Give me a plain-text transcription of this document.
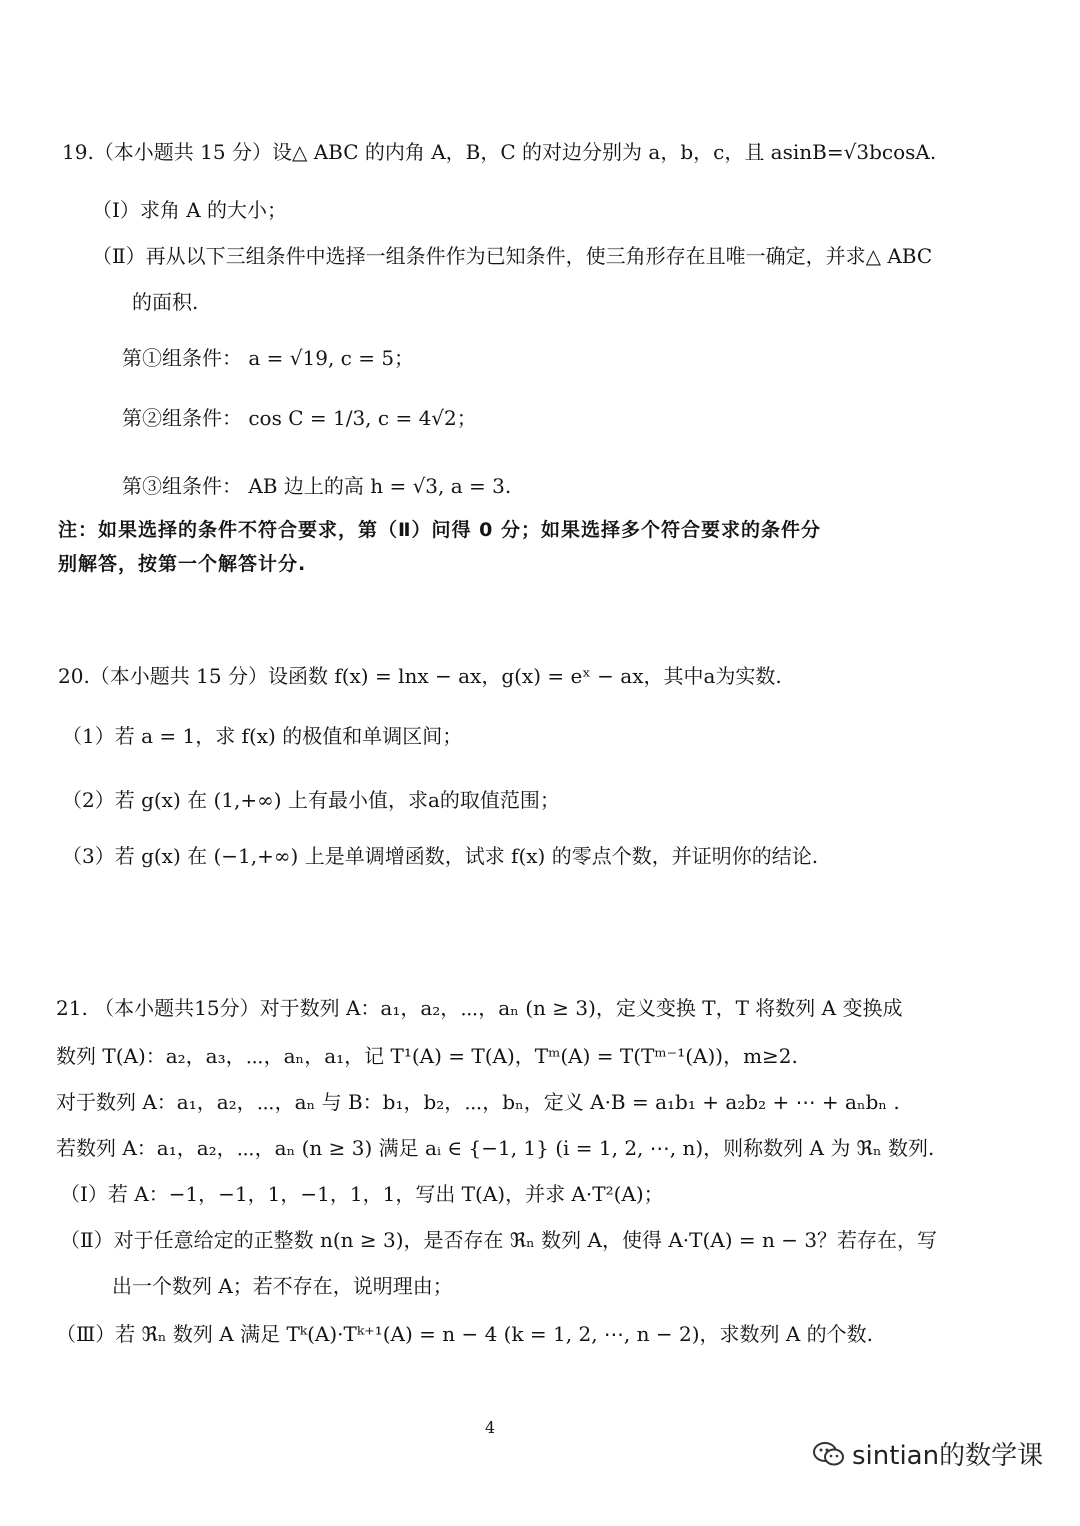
19.（本小题共 15 分）设△ ABC 的内角 A，B，C 的对边分别为 a，b，c，且 asinB=√3bcosA.
（Ⅰ）求角 A 的大小；
（Ⅱ）再从以下三组条件中选择一组条件作为已知条件，使三角形存在且唯一确定，并求△ ABC
的面积.
第①组条件： a = √19, c = 5；
第②组条件： cos C = 1/3, c = 4√2；
第③组条件： AB 边上的高 h = √3, a = 3.
注：如果选择的条件不符合要求，第（Ⅱ）问得 0 分；如果选择多个符合要求的条件分
别解答，按第一个解答计分.
20.（本小题共 15 分）设函数 f(x) = lnx − ax，g(x) = eˣ − ax，其中a为实数.
（1）若 a = 1，求 f(x) 的极值和单调区间；
（2）若 g(x) 在 (1,+∞) 上有最小值，求a的取值范围；
（3）若 g(x) 在 (−1,+∞) 上是单调增函数，试求 f(x) 的零点个数，并证明你的结论.
21. （本小题共15分）对于数列 A：a₁，a₂，⋯，aₙ (n ≥ 3)，定义变换 T，T 将数列 A 变换成
数列 T(A)：a₂，a₃，⋯，aₙ，a₁，记 T¹(A) = T(A)，Tᵐ(A) = T(Tᵐ⁻¹(A))，m≥2.
对于数列 A：a₁，a₂，⋯，aₙ 与 B：b₁，b₂，⋯，bₙ，定义 A·B = a₁b₁ + a₂b₂ + ⋯ + aₙbₙ .
若数列 A：a₁，a₂，⋯，aₙ (n ≥ 3) 满足 aᵢ ∈ {−1, 1} (i = 1, 2, ⋯, n)，则称数列 A 为 ℜₙ 数列.
（Ⅰ）若 A：−1，−1，1，−1，1，1，写出 T(A)，并求 A·T²(A)；
（Ⅱ）对于任意给定的正整数 n(n ≥ 3)，是否存在 ℜₙ 数列 A，使得 A·T(A) = n − 3？若存在，写
出一个数列 A；若不存在，说明理由；
（Ⅲ）若 ℜₙ 数列 A 满足 Tᵏ(A)·Tᵏ⁺¹(A) = n − 4 (k = 1, 2, ⋯, n − 2)，求数列 A 的个数.
4
sintian的数学课
